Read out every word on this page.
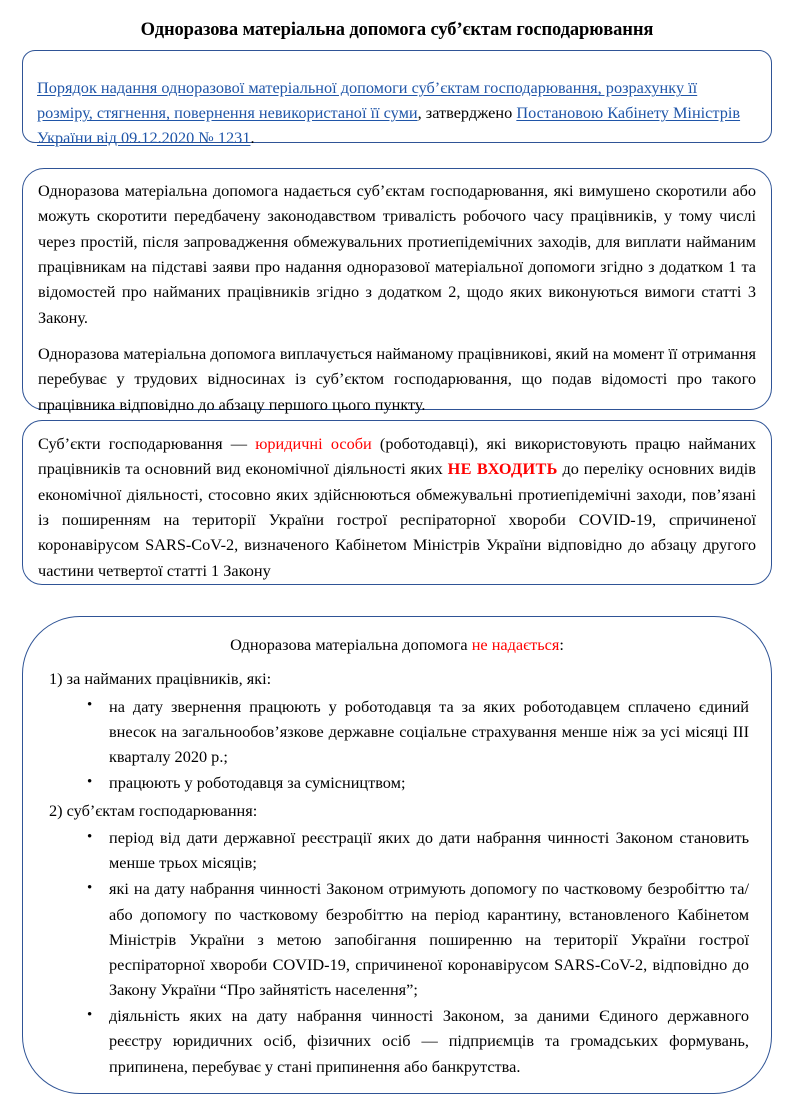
Одноразова матеріальна допомога суб’єктам господарювання

Порядок надання одноразової матеріальної допомоги суб’єктам господарювання, розрахунку її розміру, стягнення, повернення невикористаної її суми, затверджено Постановою Кабінету Міністрів України від 09.12.2020 № 1231.

Одноразова матеріальна допомога надається суб’єктам господарювання, які вимушено скоротили або можуть скоротити передбачену законодавством тривалість робочого часу працівників, у тому числі через простій, після запровадження обмежувальних протиепідемічних заходів, для виплати найманим працівникам на підставі заяви про надання одноразової матеріальної допомоги згідно з додатком 1 та відомостей про найманих працівників згідно з додатком 2, щодо яких виконуються вимоги статті 3 Закону.

Одноразова матеріальна допомога виплачується найманому працівникові, який на момент її отримання перебуває у трудових відносинах із суб’єктом господарювання, що подав відомості про такого працівника відповідно до абзацу першого цього пункту.

Суб’єкти господарювання — юридичні особи (роботодавці), які використовують працю найманих працівників та основний вид економічної діяльності яких НЕ ВХОДИТЬ до переліку основних видів економічної діяльності, стосовно яких здійснюються обмежувальні протиепідемічні заходи, пов’язані із поширенням на території України гострої респіраторної хвороби COVID-19, спричиненої коронавірусом SARS-CoV-2, визначеного Кабінетом Міністрів України відповідно до абзацу другого частини четвертої статті 1 Закону

Одноразова матеріальна допомога не надається:

1) за найманих працівників, які:

• на дату звернення працюють у роботодавця та за яких роботодавцем сплачено єдиний внесок на загальнообов’язкове державне соціальне страхування менше ніж за усі місяці III кварталу 2020 р.;
• працюють у роботодавця за сумісництвом;

2) суб’єктам господарювання:

• період від дати державної реєстрації яких до дати набрання чинності Законом становить менше трьох місяців;
• які на дату набрання чинності Законом отримують допомогу по частковому безробіттю та/або допомогу по частковому безробіттю на період карантину, встановленого Кабінетом Міністрів України з метою запобігання поширенню на території України гострої респіраторної хвороби COVID-19, спричиненої коронавірусом SARS-CoV-2, відповідно до Закону України “Про зайнятість населення”;
• діяльність яких на дату набрання чинності Законом, за даними Єдиного державного реєстру юридичних осіб, фізичних осіб — підприємців та громадських формувань, припинена, перебуває у стані припинення або банкрутства.
